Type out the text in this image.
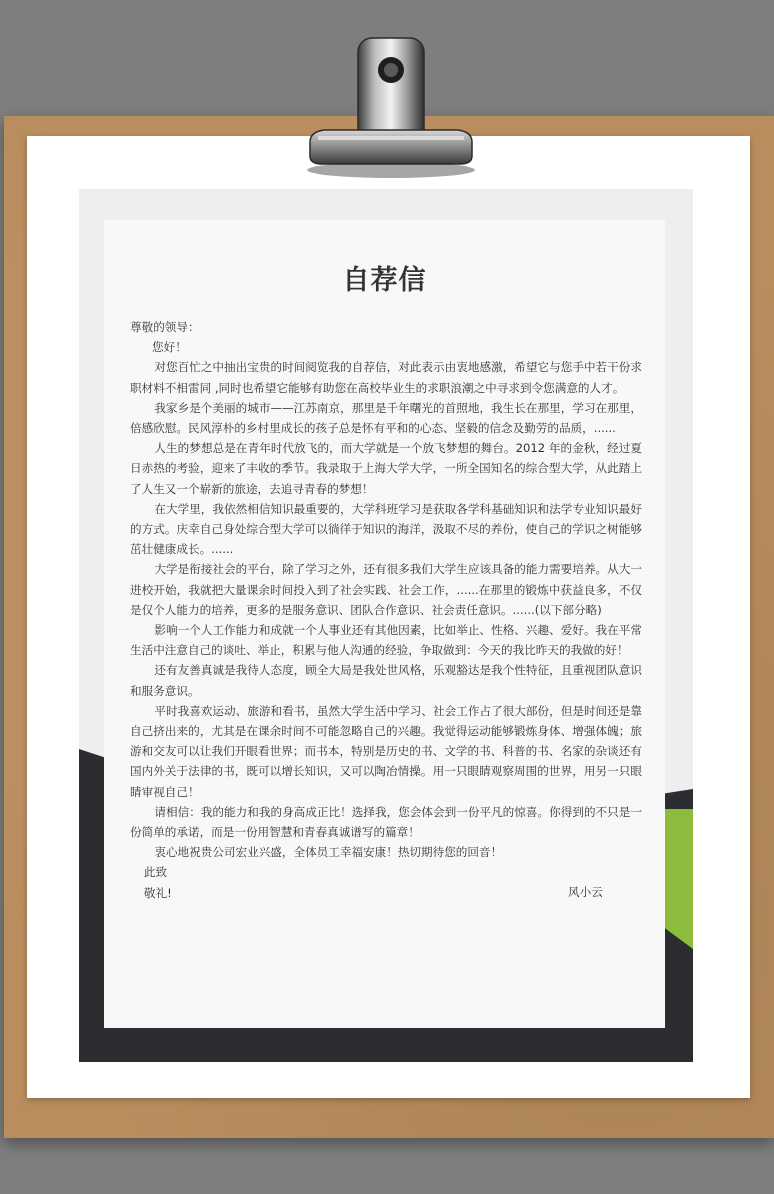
自荐信

尊敬的领导：

您好！

对您百忙之中抽出宝贵的时间阅览我的自荐信，对此表示由衷地感激，希望它与您手中若干份求职材料不相雷同 ,同时也希望它能够有助您在高校毕业生的求职浪潮之中寻求到令您满意的人才。

我家乡是个美丽的城市——江苏南京，那里是千年曙光的首照地，我生长在那里，学习在那里，倍感欣慰。民风淳朴的乡村里成长的孩子总是怀有平和的心态、坚毅的信念及勤劳的品质，......

人生的梦想总是在青年时代放飞的，而大学就是一个放飞梦想的舞台。2012 年的金秋，经过夏日赤热的考验，迎来了丰收的季节。我录取于上海大学大学，一所全国知名的综合型大学，从此踏上了人生又一个崭新的旅途，去追寻青春的梦想！

在大学里，我依然相信知识最重要的，大学科班学习是获取各学科基础知识和法学专业知识最好的方式。庆幸自己身处综合型大学可以徜徉于知识的海洋，汲取不尽的养份，使自己的学识之树能够茁壮健康成长。......

大学是衔接社会的平台，除了学习之外，还有很多我们大学生应该具备的能力需要培养。从大一进校开始，我就把大量课余时间投入到了社会实践、社会工作，......在那里的锻炼中获益良多，不仅是仅个人能力的培养，更多的是服务意识、团队合作意识、社会责任意识。......(以下部分略)

影响一个人工作能力和成就一个人事业还有其他因素，比如举止、性格、兴趣、爱好。我在平常生活中注意自己的谈吐、举止，积累与他人沟通的经验，争取做到：今天的我比昨天的我做的好！

还有友善真诚是我待人态度，顾全大局是我处世风格，乐观豁达是我个性特征，且重视团队意识和服务意识。

平时我喜欢运动、旅游和看书，虽然大学生活中学习、社会工作占了很大部份，但是时间还是靠自己挤出来的，尤其是在课余时间不可能忽略自己的兴趣。我觉得运动能够锻炼身体、增强体魄；旅游和交友可以让我们开眼看世界；而书本，特别是历史的书、文学的书、科普的书、名家的杂谈还有国内外关于法律的书，既可以增长知识，又可以陶冶情操。用一只眼睛观察周围的世界，用另一只眼睛审视自己！

请相信：我的能力和我的身高成正比！选择我，您会体会到一份平凡的惊喜。你得到的不只是一份简单的承诺，而是一份用智慧和青春真诚谱写的篇章！

衷心地祝贵公司宏业兴盛，全体员工幸福安康！热切期待您的回音！

此致

敬礼!	风小云
